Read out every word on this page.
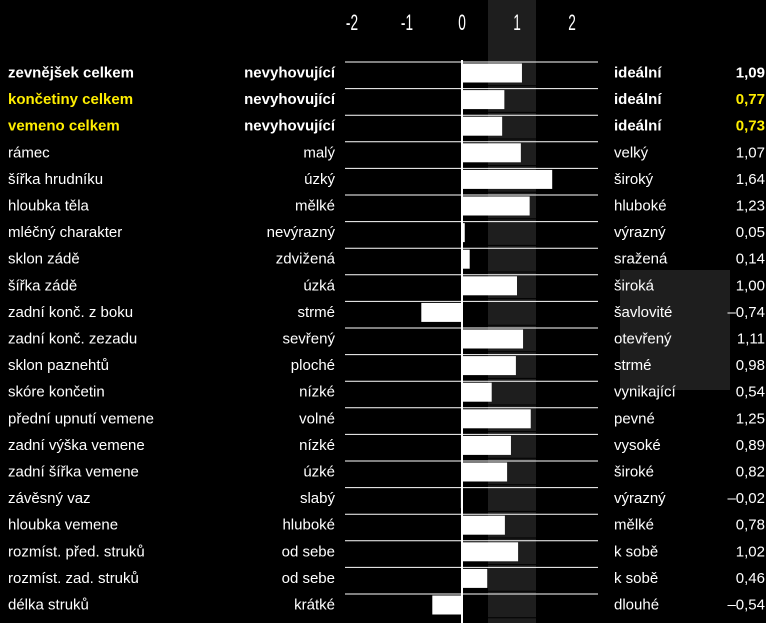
-2 -1 0 1 2
zevnějšek celkem	nevyhovující	ideální	1,09
končetiny celkem	nevyhovující	ideální	0,77
vemeno celkem	nevyhovující	ideální	0,73
rámec	malý	velký	1,07
šířka hrudníku	úzký	široký	1,64
hloubka těla	mělké	hluboké	1,23
mléčný charakter	nevýrazný	výrazný	0,05
sklon zádě	zdvižená	sražená	0,14
šířka zádě	úzká	široká	1,00
zadní konč. z boku	strmé	šavlovité	–0,74
zadní konč. zezadu	sevřený	otevřený	1,11
sklon paznehtů	ploché	strmé	0,98
skóre končetin	nízké	vynikající	0,54
přední upnutí vemene	volné	pevné	1,25
zadní výška vemene	nízké	vysoké	0,89
zadní šířka vemene	úzké	široké	0,82
závěsný vaz	slabý	výrazný	–0,02
hloubka vemene	hluboké	mělké	0,78
rozmíst. před. struků	od sebe	k sobě	1,02
rozmíst. zad. struků	od sebe	k sobě	0,46
délka struků	krátké	dlouhé	–0,54
